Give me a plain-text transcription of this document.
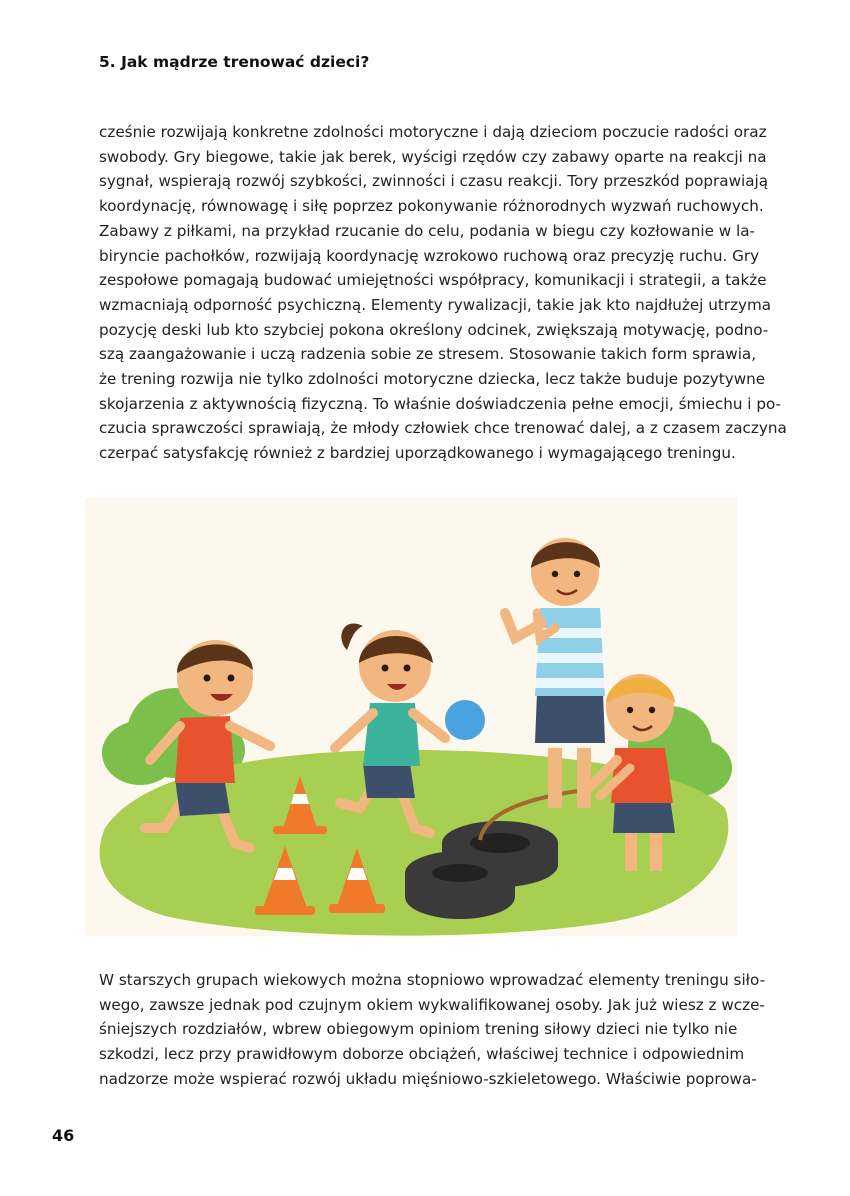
5. Jak mądrze trenować dzieci?
cześnie rozwijają konkretne zdolności motoryczne i dają dzieciom poczucie radości oraz
swobody. Gry biegowe, takie jak berek, wyścigi rzędów czy zabawy oparte na reakcji na
sygnał, wspierają rozwój szybkości, zwinności i czasu reakcji. Tory przeszkód poprawiają
koordynację, równowagę i siłę poprzez pokonywanie różnorodnych wyzwań ruchowych.
Zabawy z piłkami, na przykład rzucanie do celu, podania w biegu czy kozłowanie w la-
biryncie pachołków, rozwijają koordynację wzrokowo ruchową oraz precyzję ruchu. Gry
zespołowe pomagają budować umiejętności współpracy, komunikacji i strategii, a także
wzmacniają odporność psychiczną. Elementy rywalizacji, takie jak kto najdłużej utrzyma
pozycję deski lub kto szybciej pokona określony odcinek, zwiększają motywację, podno-
szą zaangażowanie i uczą radzenia sobie ze stresem. Stosowanie takich form sprawia,
że trening rozwija nie tylko zdolności motoryczne dziecka, lecz także buduje pozytywne
skojarzenia z aktywnością fizyczną. To właśnie doświadczenia pełne emocji, śmiechu i po-
czucia sprawczości sprawiają, że młody człowiek chce trenować dalej, a z czasem zaczyna
czerpać satysfakcję również z bardziej uporządkowanego i wymagającego treningu.
W starszych grupach wiekowych można stopniowo wprowadzać elementy treningu siło-
wego, zawsze jednak pod czujnym okiem wykwalifikowanej osoby. Jak już wiesz z wcze-
śniejszych rozdziałów, wbrew obiegowym opiniom trening siłowy dzieci nie tylko nie
szkodzi, lecz przy prawidłowym doborze obciążeń, właściwej technice i odpowiednim
nadzorze może wspierać rozwój układu mięśniowo-szkieletowego. Właściwie poprowa-
46
